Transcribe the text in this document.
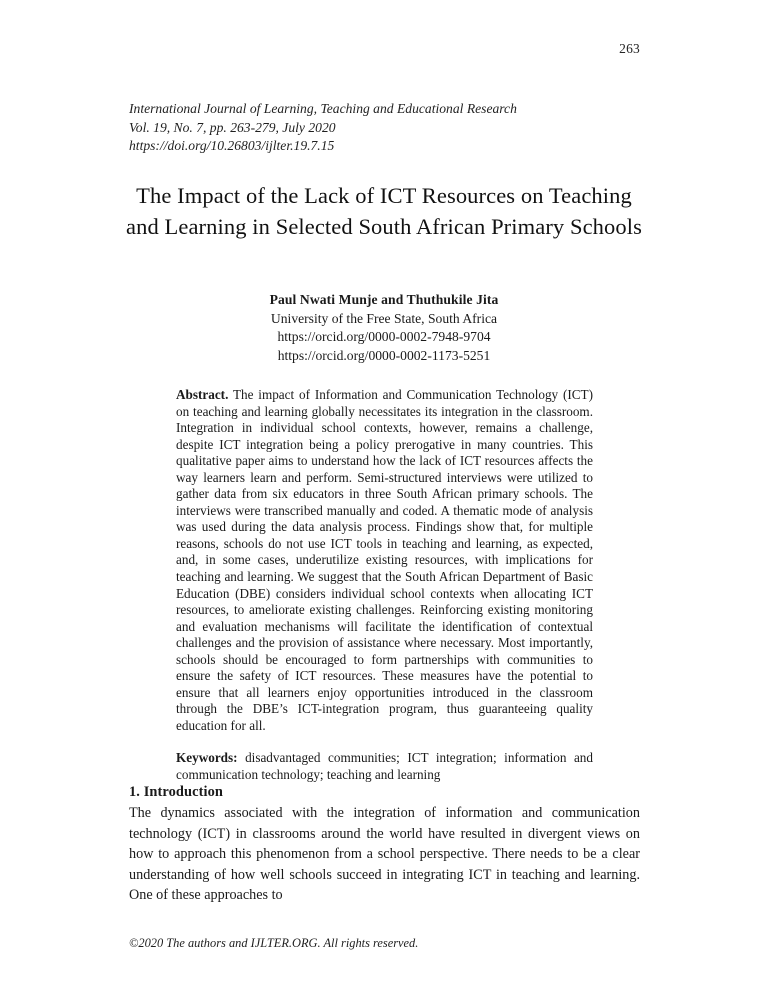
263
International Journal of Learning, Teaching and Educational Research
Vol. 19, No. 7, pp. 263-279, July 2020
https://doi.org/10.26803/ijlter.19.7.15
The Impact of the Lack of ICT Resources on Teaching and Learning in Selected South African Primary Schools
Paul Nwati Munje and Thuthukile Jita
University of the Free State, South Africa
https://orcid.org/0000-0002-7948-9704
https://orcid.org/0000-0002-1173-5251

Abstract. The impact of Information and Communication Technology (ICT) on teaching and learning globally necessitates its integration in the classroom. Integration in individual school contexts, however, remains a challenge, despite ICT integration being a policy prerogative in many countries. This qualitative paper aims to understand how the lack of ICT resources affects the way learners learn and perform. Semi-structured interviews were utilized to gather data from six educators in three South African primary schools. The interviews were transcribed manually and coded. A thematic mode of analysis was used during the data analysis process. Findings show that, for multiple reasons, schools do not use ICT tools in teaching and learning, as expected, and, in some cases, underutilize existing resources, with implications for teaching and learning. We suggest that the South African Department of Basic Education (DBE) considers individual school contexts when allocating ICT resources, to ameliorate existing challenges. Reinforcing existing monitoring and evaluation mechanisms will facilitate the identification of contextual challenges and the provision of assistance where necessary. Most importantly, schools should be encouraged to form partnerships with communities to ensure the safety of ICT resources. These measures have the potential to ensure that all learners enjoy opportunities introduced in the classroom through the DBE’s ICT-integration program, thus guaranteeing quality education for all.

Keywords: disadvantaged communities; ICT integration; information and communication technology; teaching and learning

1. Introduction

The dynamics associated with the integration of information and communication technology (ICT) in classrooms around the world have resulted in divergent views on how to approach this phenomenon from a school perspective. There needs to be a clear understanding of how well schools succeed in integrating ICT in teaching and learning. One of these approaches to

©2020 The authors and IJLTER.ORG. All rights reserved.
